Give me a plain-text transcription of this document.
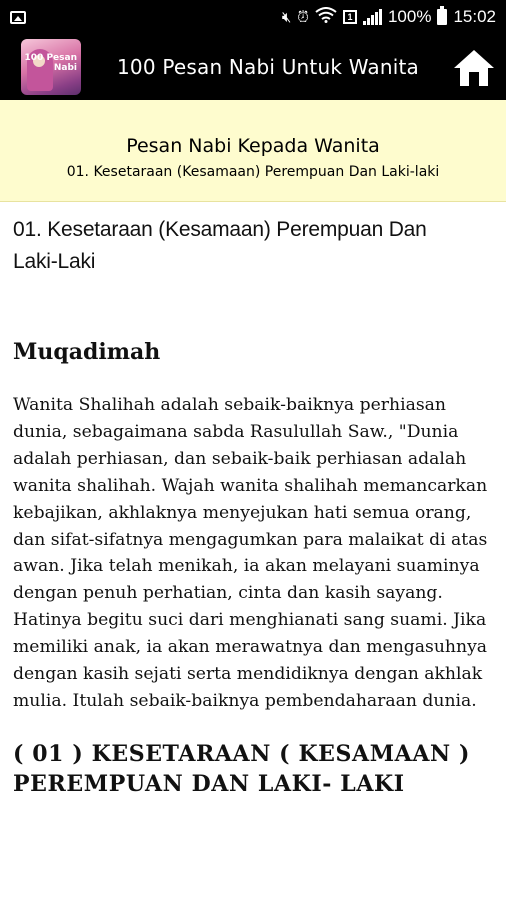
🔇︎ ⏰︎	1 100% 15:02
100 Pesan Nabi 100 Pesan Nabi Untuk Wanita
Pesan Nabi Kepada Wanita
01. Kesetaraan (Kesamaan) Perempuan Dan Laki-laki
01. Kesetaraan (Kesamaan) Perempuan Dan Laki-Laki
Muqadimah

Wanita Shalihah adalah sebaik-baiknya perhiasan dunia, sebagaimana sabda Rasulullah Saw., "Dunia adalah perhiasan, dan sebaik-baik perhiasan adalah wanita shalihah. Wajah wanita shalihah memancarkan kebajikan, akhlaknya menyejukan hati semua orang, dan sifat-sifatnya mengagumkan para malaikat di atas awan. Jika telah menikah, ia akan melayani suaminya dengan penuh perhatian, cinta dan kasih sayang. Hatinya begitu suci dari menghianati sang suami. Jika memiliki anak, ia akan merawatnya dan mengasuhnya dengan kasih sejati serta mendidiknya dengan akhlak mulia. Itulah sebaik-baiknya pembendaharaan dunia.

( 01 ) KESETARAAN ( KESAMAAN )
PEREMPUAN DAN LAKI- LAKI
